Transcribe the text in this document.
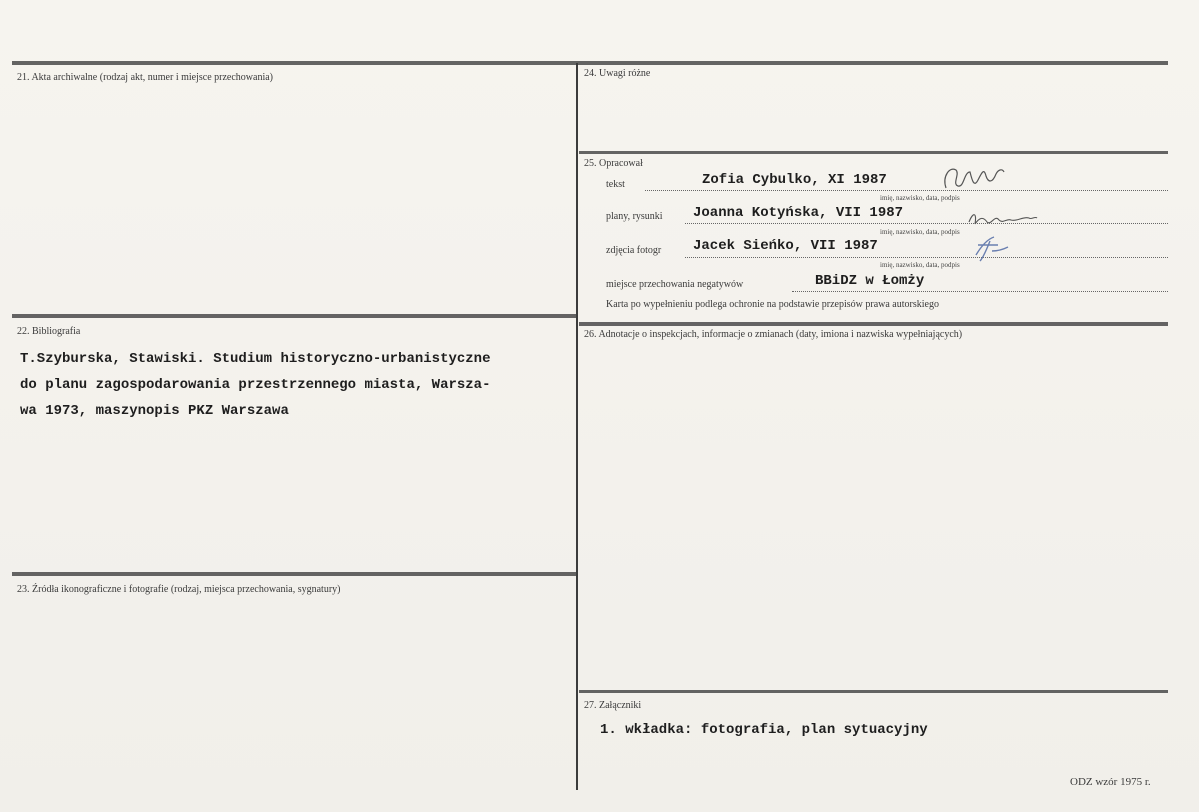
21. Akta archiwalne (rodzaj akt, numer i miejsce przechowania)
22. Bibliografia
T.Szyburska, Stawiski. Studium historyczno-urbanistyczne
do planu zagospodarowania przestrzennego miasta, Warsza-
wa 1973, maszynopis PKZ Warszawa
23. Źródła ikonograficzne i fotografie (rodzaj, miejsca przechowania, sygnatury)
24. Uwagi różne
25. Opracował
tekst	Zofia Cybulko, XI 1987
imię, nazwisko, data, podpis
plany, rysunki Joanna Kotyńska, VII 1987
imię, nazwisko, data, podpis
zdjęcia fotogr Jacek Sieńko, VII 1987
imię, nazwisko, data, podpis
miejsce przechowania negatywów	BBiDZ w Łomży
Karta po wypełnieniu podlega ochronie na podstawie przepisów prawa autorskiego
26. Adnotacje o inspekcjach, informacje o zmianach (daty, imiona i nazwiska wypełniających)
27. Załączniki
1. wkładka: fotografia, plan sytuacyjny
ODZ wzór 1975 r.
